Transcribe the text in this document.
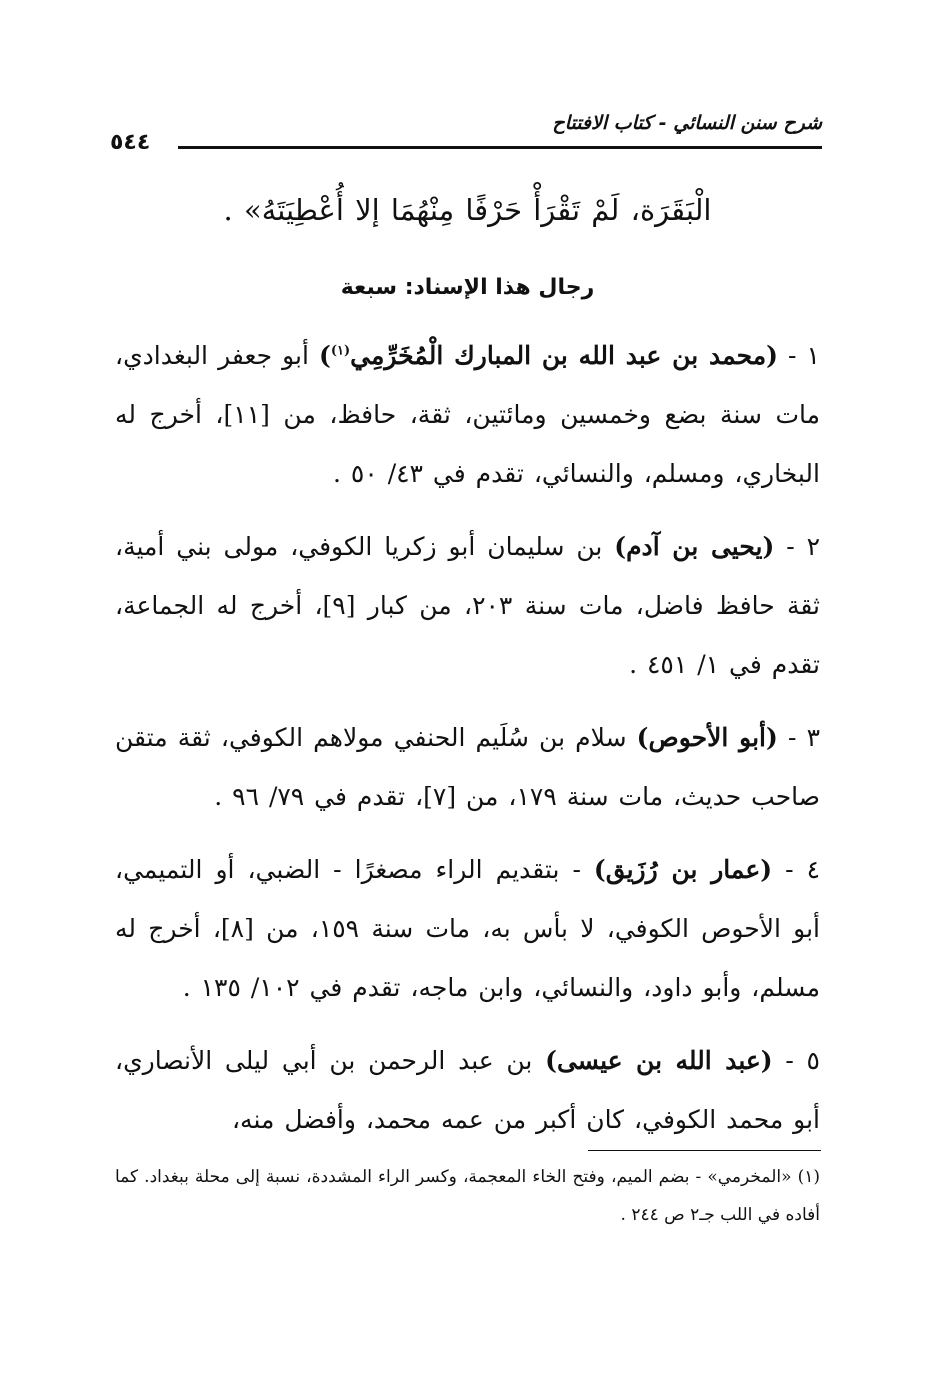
٥٤٤
شرح سنن النسائي - كتاب الافتتاح
الْبَقَرَة، لَمْ تَقْرَأْ حَرْفًا مِنْهُمَا إلا أُعْطِيَتَهُ» .
رجال هذا الإسناد: سبعة

١ - (محمد بن عبد الله بن المبارك الْمُخَرِّمِي$^{(١)}$) أبو جعفر البغدادي، مات سنة بضع وخمسين ومائتين، ثقة، حافظ، من [١١]، أخرج له البخاري، ومسلم، والنسائي، تقدم في ٤٣/ ٥٠ .

٢ - (يحيى بن آدم) بن سليمان أبو زكريا الكوفي، مولى بني أمية، ثقة حافظ فاضل، مات سنة ٢٠٣، من كبار [٩]، أخرج له الجماعة، تقدم في ١/ ٤٥١ .

٣ - (أبو الأحوص) سلام بن سُلَيم الحنفي مولاهم الكوفي، ثقة متقن صاحب حديث، مات سنة ١٧٩، من [٧]، تقدم في ٧٩/ ٩٦ .

٤ - (عمار بن رُزَيق) - بتقديم الراء مصغرًا - الضبي، أو التميمي، أبو الأحوص الكوفي، لا بأس به، مات سنة ١٥٩، من [٨]، أخرج له مسلم، وأبو داود، والنسائي، وابن ماجه، تقدم في ١٠٢/ ١٣٥ .

٥ - (عبد الله بن عيسى) بن عبد الرحمن بن أبي ليلى الأنصاري، أبو محمد الكوفي، كان أكبر من عمه محمد، وأفضل منه،

(١) «المخرمي» - بضم الميم، وفتح الخاء المعجمة، وكسر الراء المشددة، نسبة إلى محلة ببغداد. كما أفاده في اللب جـ٢ ص ٢٤٤ .
